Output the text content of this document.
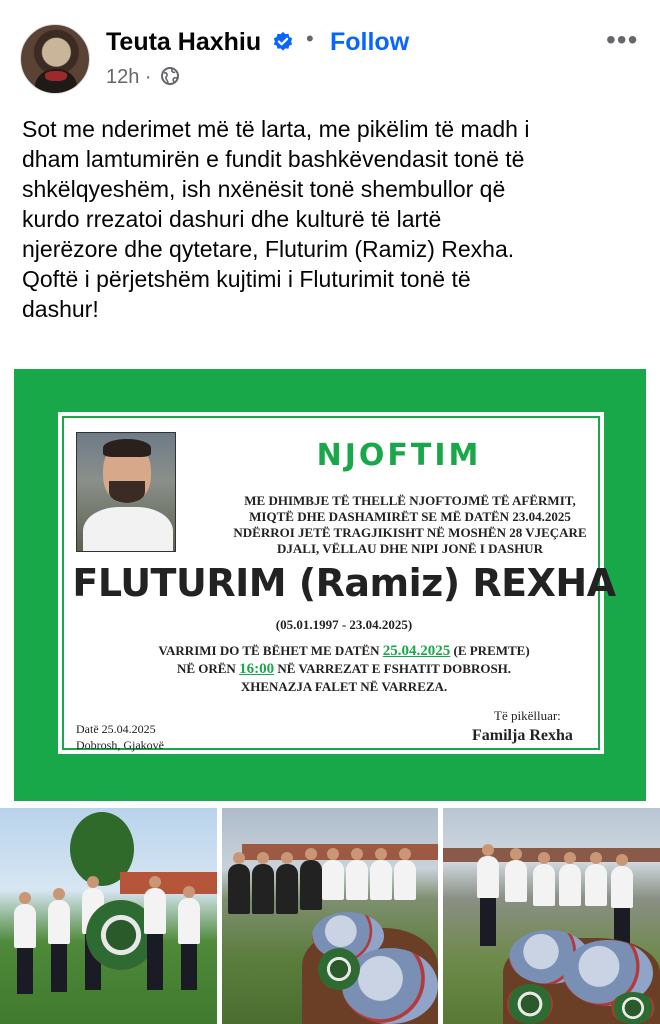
Teuta Haxhiu • Follow	•••
12h ·
Sot me nderimet më të larta, me pikëlim të madh i
dham lamtumirën e fundit bashkëvendasit tonë të
shkëlqyeshëm, ish nxënësit tonë shembullor që
kurdo rrezatoi dashuri dhe kulturë të lartë
njerëzore dhe qytetare, Fluturim (Ramiz) Rexha.
Qoftë i përjetshëm kujtimi i Fluturimit tonë të
dashur!
NJOFTIM
ME DHIMBJE TË THELLË NJOFTOJMË TË AFËRMIT,
MIQTË DHE DASHAMIRËT SE MË DATËN 23.04.2025
NDËRROI JETË TRAGJIKISHT NË MOSHËN 28 VJEÇARE
DJALI, VËLLAU DHE NIPI JONË I DASHUR
FLUTURIM (Ramiz) REXHA
(05.01.1997 - 23.04.2025)
VARRIMI DO TË BËHET ME DATËN 25.04.2025 (E PREMTE)
NË ORËN 16:00 NË VARREZAT E FSHATIT DOBROSH.
XHENAZJA FALET NË VARREZA.
Datë 25.04.2025
Dobrosh, Gjakovë
Të pikëlluar:
Familja Rexha
